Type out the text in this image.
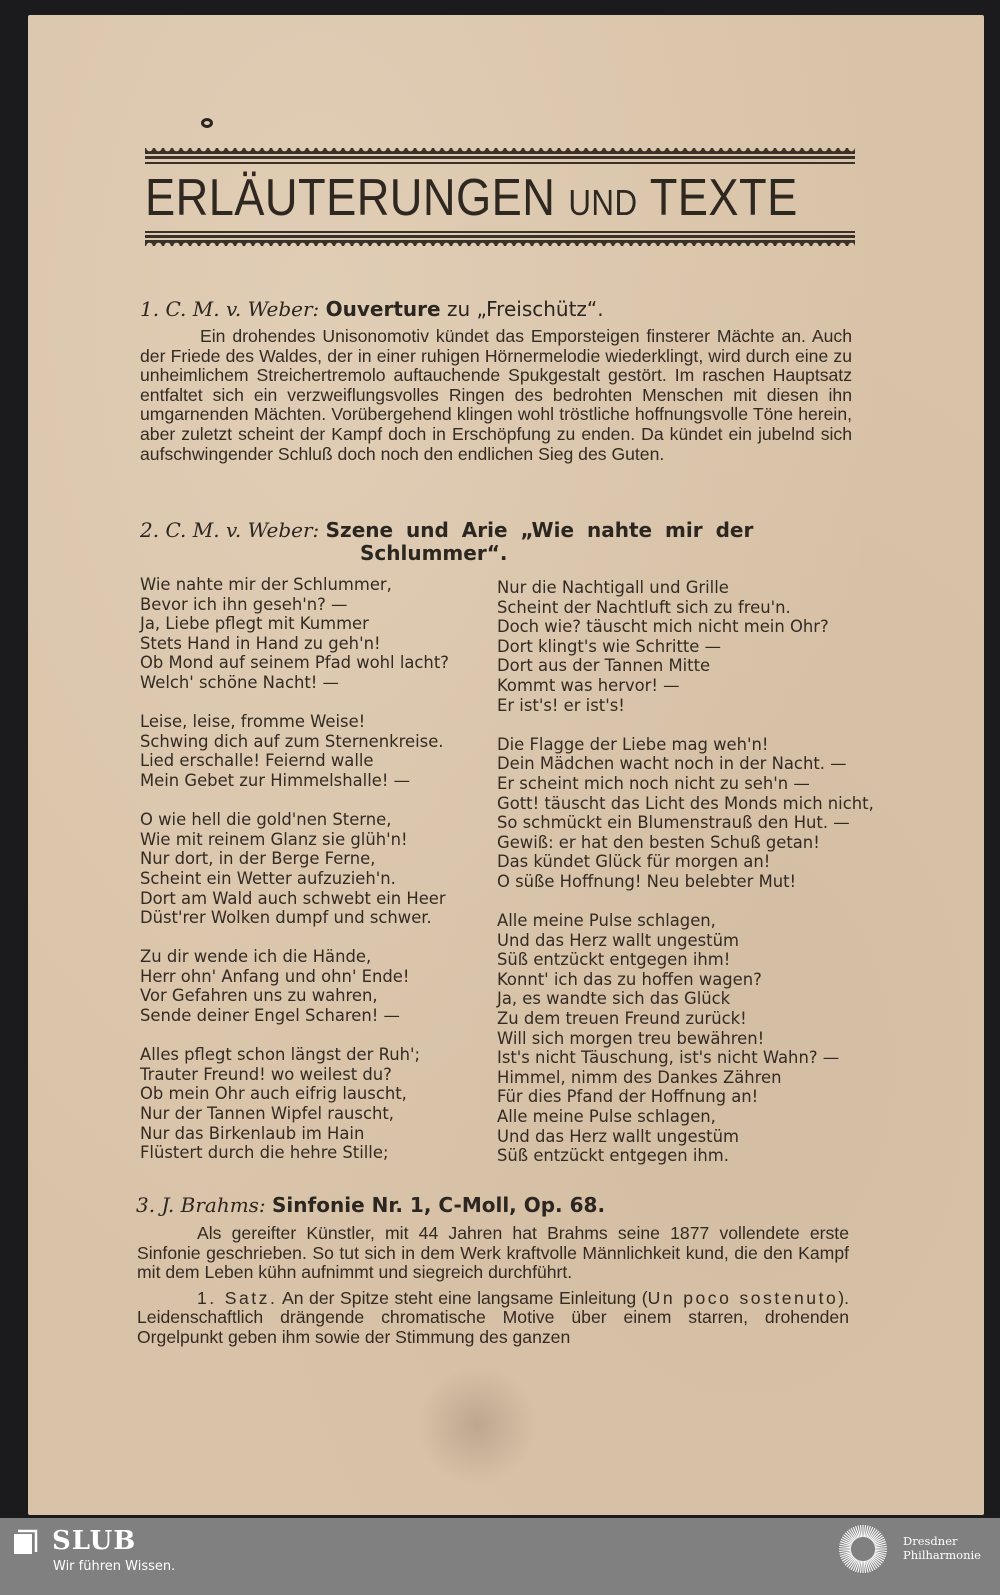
ERLÄUTERUNGEN UND TEXTE
1. C. M. v. Weber: Ouverture zu „Freischütz“.

Ein drohendes Unisonomotiv kündet das Emporsteigen finsterer Mächte an. Auch der Friede des Waldes, der in einer ruhigen Hörnermelodie wiederklingt, wird durch eine zu unheimlichem Streichertremolo auftauchende Spukgestalt gestört. Im raschen Hauptsatz entfaltet sich ein verzweiflungsvolles Ringen des bedrohten Menschen mit diesen ihn umgarnenden Mächten. Vorübergehend klingen wohl tröstliche hoffnungsvolle Töne herein, aber zuletzt scheint der Kampf doch in Erschöpfung zu enden. Da kündet ein jubelnd sich aufschwingender Schluß doch noch den endlichen Sieg des Guten.

2. C. M. v. Weber: Szene und Arie „Wie nahte mir der
Schlummer“.
Wie nahte mir der Schlummer,
Bevor ich ihn geseh'n? —
Ja, Liebe pflegt mit Kummer
Stets Hand in Hand zu geh'n!
Ob Mond auf seinem Pfad wohl lacht?
Welch' schöne Nacht! —
Leise, leise, fromme Weise!
Schwing dich auf zum Sternenkreise.
Lied erschalle! Feiernd walle
Mein Gebet zur Himmelshalle! —
O wie hell die gold'nen Sterne,
Wie mit reinem Glanz sie glüh'n!
Nur dort, in der Berge Ferne,
Scheint ein Wetter aufzuzieh'n.
Dort am Wald auch schwebt ein Heer
Düst'rer Wolken dumpf und schwer.
Zu dir wende ich die Hände,
Herr ohn' Anfang und ohn' Ende!
Vor Gefahren uns zu wahren,
Sende deiner Engel Scharen! —
Alles pflegt schon längst der Ruh';
Trauter Freund! wo weilest du?
Ob mein Ohr auch eifrig lauscht,
Nur der Tannen Wipfel rauscht,
Nur das Birkenlaub im Hain
Flüstert durch die hehre Stille;
Nur die Nachtigall und Grille
Scheint der Nachtluft sich zu freu'n.
Doch wie? täuscht mich nicht mein Ohr?
Dort klingt's wie Schritte —
Dort aus der Tannen Mitte
Kommt was hervor! —
Er ist's! er ist's!
Die Flagge der Liebe mag weh'n!
Dein Mädchen wacht noch in der Nacht. —
Er scheint mich noch nicht zu seh'n —
Gott! täuscht das Licht des Monds mich nicht,
So schmückt ein Blumenstrauß den Hut. —
Gewiß: er hat den besten Schuß getan!
Das kündet Glück für morgen an!
O süße Hoffnung! Neu belebter Mut!
Alle meine Pulse schlagen,
Und das Herz wallt ungestüm
Süß entzückt entgegen ihm!
Konnt' ich das zu hoffen wagen?
Ja, es wandte sich das Glück
Zu dem treuen Freund zurück!
Will sich morgen treu bewähren!
Ist's nicht Täuschung, ist's nicht Wahn? —
Himmel, nimm des Dankes Zähren
Für dies Pfand der Hoffnung an!
Alle meine Pulse schlagen,
Und das Herz wallt ungestüm
Süß entzückt entgegen ihm.
3. J. Brahms: Sinfonie Nr. 1, C-Moll, Op. 68.

Als gereifter Künstler, mit 44 Jahren hat Brahms seine 1877 vollendete erste Sinfonie geschrieben. So tut sich in dem Werk kraftvolle Männlichkeit kund, die den Kampf mit dem Leben kühn aufnimmt und siegreich durchführt.

1. Satz. An der Spitze steht eine langsame Einleitung (Un poco sostenuto). Leidenschaftlich drängende chromatische Motive über einem starren, drohenden Orgelpunkt geben ihm sowie der Stimmung des ganzen

SLUB
Wir führen Wissen.
Dresdner
Philharmonie
